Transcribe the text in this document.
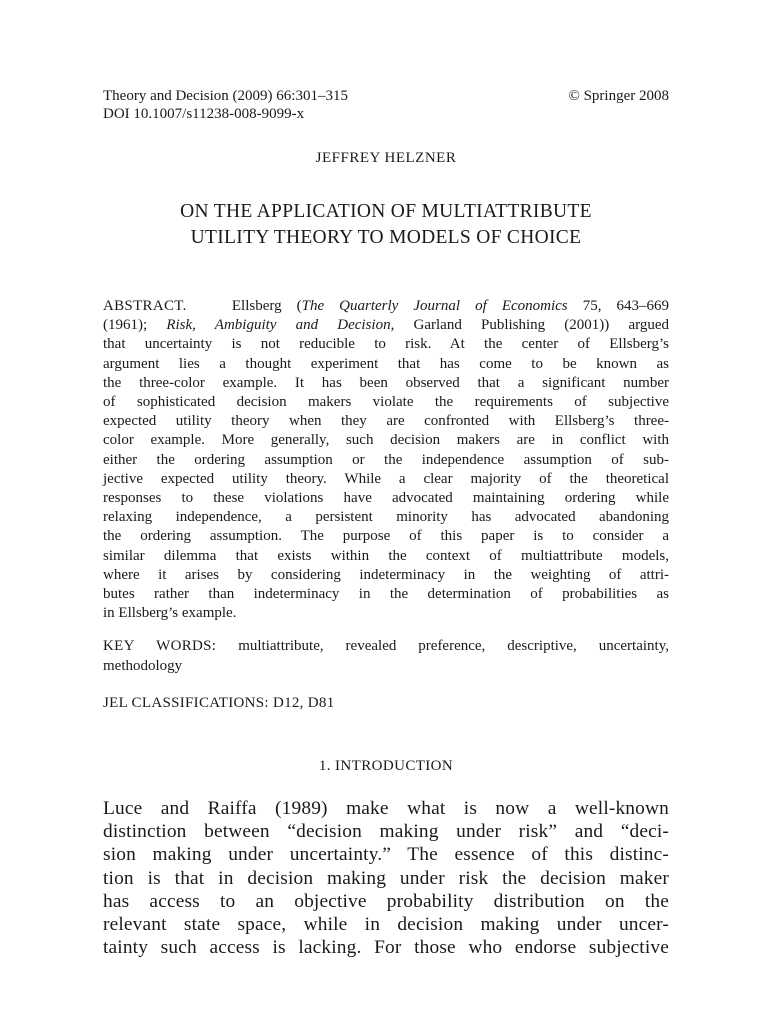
Theory and Decision (2009) 66:301–315	© Springer 2008
DOI 10.1007/s11238-008-9099-x
JEFFREY HELZNER
ON THE APPLICATION OF MULTIATTRIBUTE
UTILITY THEORY TO MODELS OF CHOICE
ABSTRACT.	Ellsberg (The Quarterly Journal of Economics 75, 643–669
(1961); Risk, Ambiguity and Decision, Garland Publishing (2001)) argued
that uncertainty is not reducible to risk. At the center of Ellsberg’s
argument lies a thought experiment that has come to be known as
the three-color example. It has been observed that a significant number
of sophisticated decision makers violate the requirements of subjective
expected utility theory when they are confronted with Ellsberg’s three-
color example. More generally, such decision makers are in conflict with
either the ordering assumption or the independence assumption of sub-
jective expected utility theory. While a clear majority of the theoretical
responses to these violations have advocated maintaining ordering while
relaxing independence, a persistent minority has advocated abandoning
the ordering assumption. The purpose of this paper is to consider a
similar dilemma that exists within the context of multiattribute models,
where it arises by considering indeterminacy in the weighting of attri-
butes rather than indeterminacy in the determination of probabilities as
in Ellsberg’s example.
KEY WORDS: multiattribute, revealed preference, descriptive, uncertainty,
methodology
JEL CLASSIFICATIONS: D12, D81
1. INTRODUCTION
Luce and Raiffa (1989) make what is now a well-known
distinction between “decision making under risk” and “deci-
sion making under uncertainty.” The essence of this distinc-
tion is that in decision making under risk the decision maker
has access to an objective probability distribution on the
relevant state space, while in decision making under uncer-
tainty such access is lacking. For those who endorse subjective
